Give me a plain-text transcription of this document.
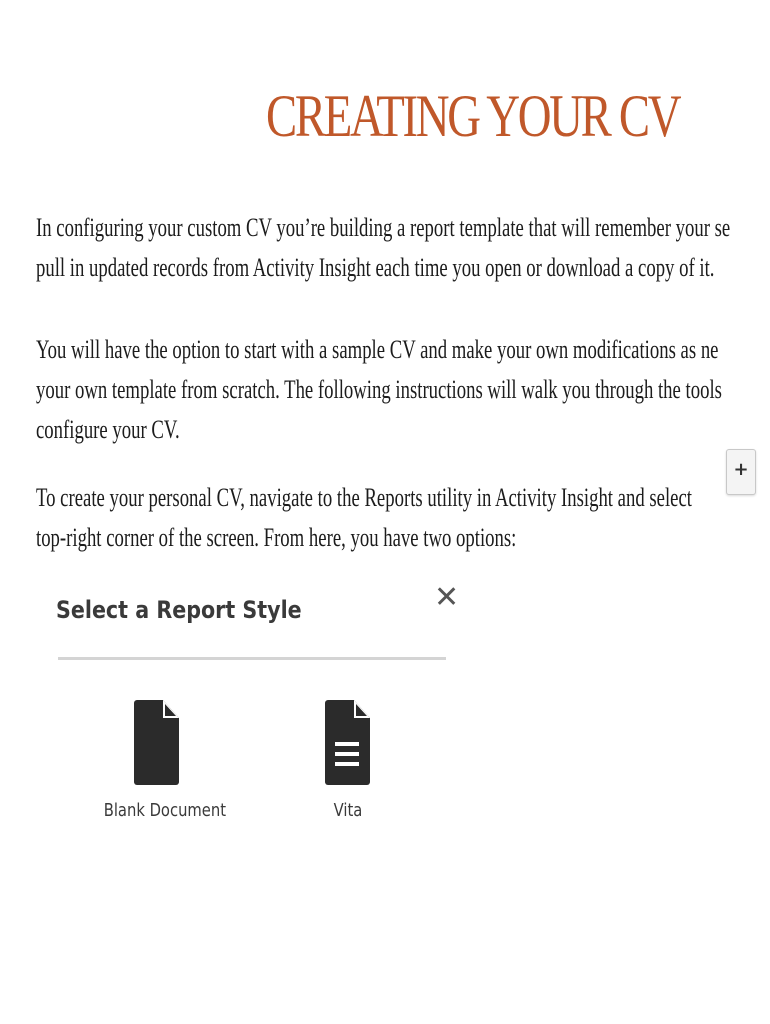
CREATING YOUR CV
In configuring your custom CV you’re building a report template that will remember your se
pull in updated records from Activity Insight each time you open or download a copy of it.
You will have the option to start with a sample CV and make your own modifications as ne
your own template from scratch. The following instructions will walk you through the tools
configure your CV.
To create your personal CV, navigate to the Reports utility in Activity Insight and select
top-right corner of the screen. From here, you have two options:
+
Select a Report Style	✕
Blank Document	Vita
